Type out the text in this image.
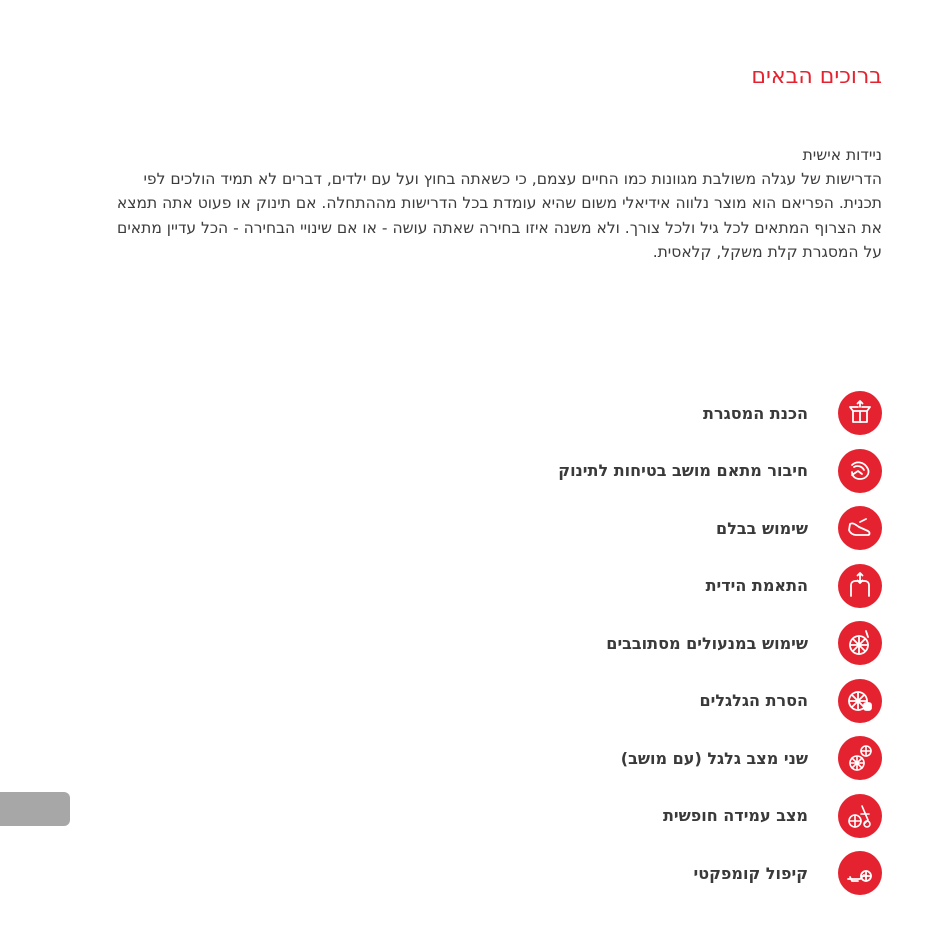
ברוכים הבאים
ניידות אישית
הדרישות של עגלה משולבת מגוונות כמו החיים עצמם, כי כשאתה בחוץ ועל עם ילדים, דברים לא תמיד הולכים לפי תכנית. הפריאם הוא מוצר נלווה אידיאלי משום שהיא עומדת בכל הדרישות מההתחלה. אם תינוק או פעוט אתה תמצא את הצרוף המתאים לכל גיל ולכל צורך. ולא משנה איזו בחירה שאתה עושה - או אם שינויי הבחירה - הכל עדיין מתאים על המסגרת קלת משקל, קלאסית.
הכנת המסגרת
חיבור מתאם מושב בטיחות לתינוק
שימוש בבלם
התאמת הידית
שימוש במנעולים מסתובבים
הסרת הגלגלים
שני מצב גלגל (עם מושב)
מצב עמידה חופשית
קיפול קומפקטי
